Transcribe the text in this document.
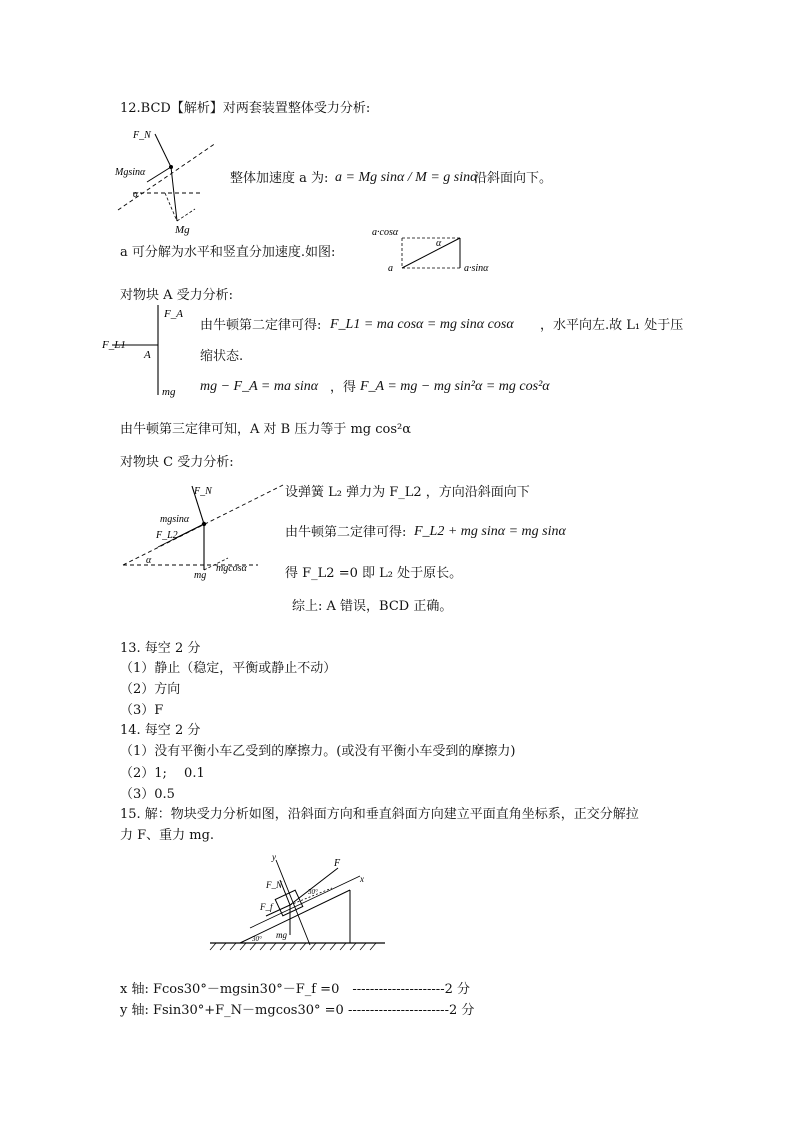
12.BCD【解析】对两套装置整体受力分析:
F_N
Mgsinα
α
Mg
整体加速度 a 为: a = Mg sinα / M = g sinα
沿斜面向下。
a 可分解为水平和竖直分加速度.如图:
a·cosα
α
a	a·sinα
对物块 A 受力分析:
F_A
F_L1
A
mg
由牛顿第二定律可得: F_L1 = ma cosα = mg sinα cosα ，水平向左.故 L₁ 处于压
缩状态.
mg − F_A = ma sinα ，得 F_A = mg − mg sin²α = mg cos²α
由牛顿第三定律可知，A 对 B 压力等于 mg cos²α
对物块 C 受力分析:
F_N
mgsinα
F_L2
α
mg
mgcosα
设弹簧 L₂ 弹力为 F_L2 ，方向沿斜面向下
由牛顿第二定律可得: F_L2 + mg sinα = mg sinα
得 F_L2 =0 即 L₂ 处于原长。
综上: A 错误，BCD 正确。
13. 每空 2 分
（1）静止（稳定，平衡或静止不动）
（2）方向
（3）F
14. 每空 2 分
（1）没有平衡小车乙受到的摩擦力。(或没有平衡小车受到的摩擦力)
（2）1;　 0.1
（3）0.5
15. 解：物块受力分析如图，沿斜面方向和垂直斜面方向建立平面直角坐标系，正交分解拉
力 F、重力 mg.
y
x
F
F_N
30°
F_f
mg
30°
x 轴: Fcos30°－mgsin30°－F_f =0　---------------------2 分
y 轴: Fsin30°+F_N－mgcos30° =0 -----------------------2 分
